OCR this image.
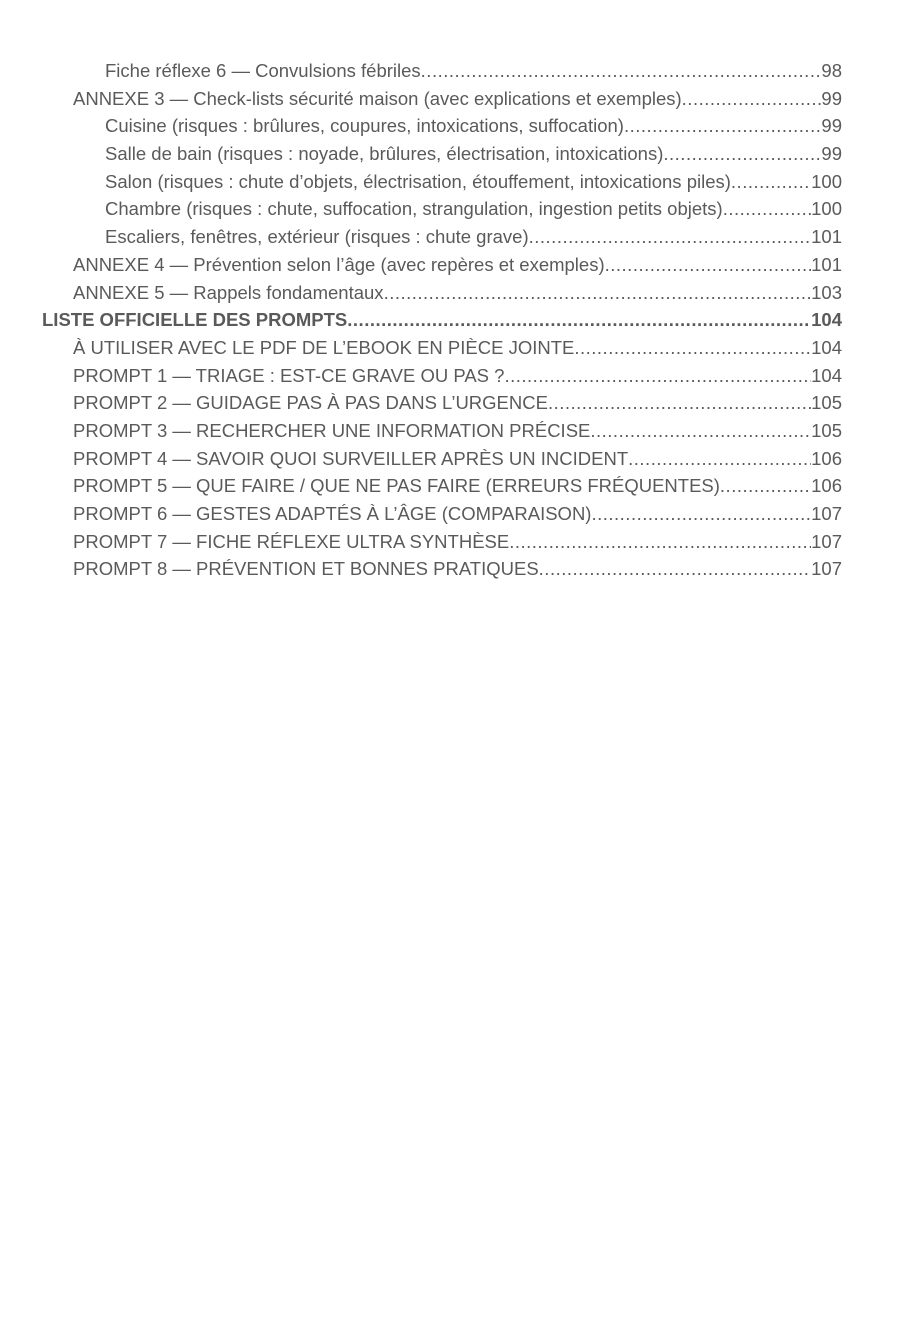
Fiche réflexe 6 — Convulsions fébriles .....	98
ANNEXE 3 — Check-lists sécurité maison (avec explications et exemples) .....	99
Cuisine (risques : brûlures, coupures, intoxications, suffocation) .....	99
Salle de bain (risques : noyade, brûlures, électrisation, intoxications) .....	99
Salon (risques : chute d’objets, électrisation, étouffement, intoxications piles) .....	100
Chambre (risques : chute, suffocation, strangulation, ingestion petits objets) .....	100
Escaliers, fenêtres, extérieur (risques : chute grave) .....	101
ANNEXE 4 — Prévention selon l’âge (avec repères et exemples) .....	101
ANNEXE 5 — Rappels fondamentaux .....	103
LISTE OFFICIELLE DES PROMPTS .....	104
À UTILISER AVEC LE PDF DE L’EBOOK EN PIÈCE JOINTE .....	104
PROMPT 1 — TRIAGE : EST-CE GRAVE OU PAS ? .....	104
PROMPT 2 — GUIDAGE PAS À PAS DANS L’URGENCE .....	105
PROMPT 3 — RECHERCHER UNE INFORMATION PRÉCISE .....	105
PROMPT 4 — SAVOIR QUOI SURVEILLER APRÈS UN INCIDENT .....	106
PROMPT 5 — QUE FAIRE / QUE NE PAS FAIRE (ERREURS FRÉQUENTES) .....	106
PROMPT 6 — GESTES ADAPTÉS À L’ÂGE (COMPARAISON) .....	107
PROMPT 7 — FICHE RÉFLEXE ULTRA SYNTHÈSE .....	107
PROMPT 8 — PRÉVENTION ET BONNES PRATIQUES .....	107
